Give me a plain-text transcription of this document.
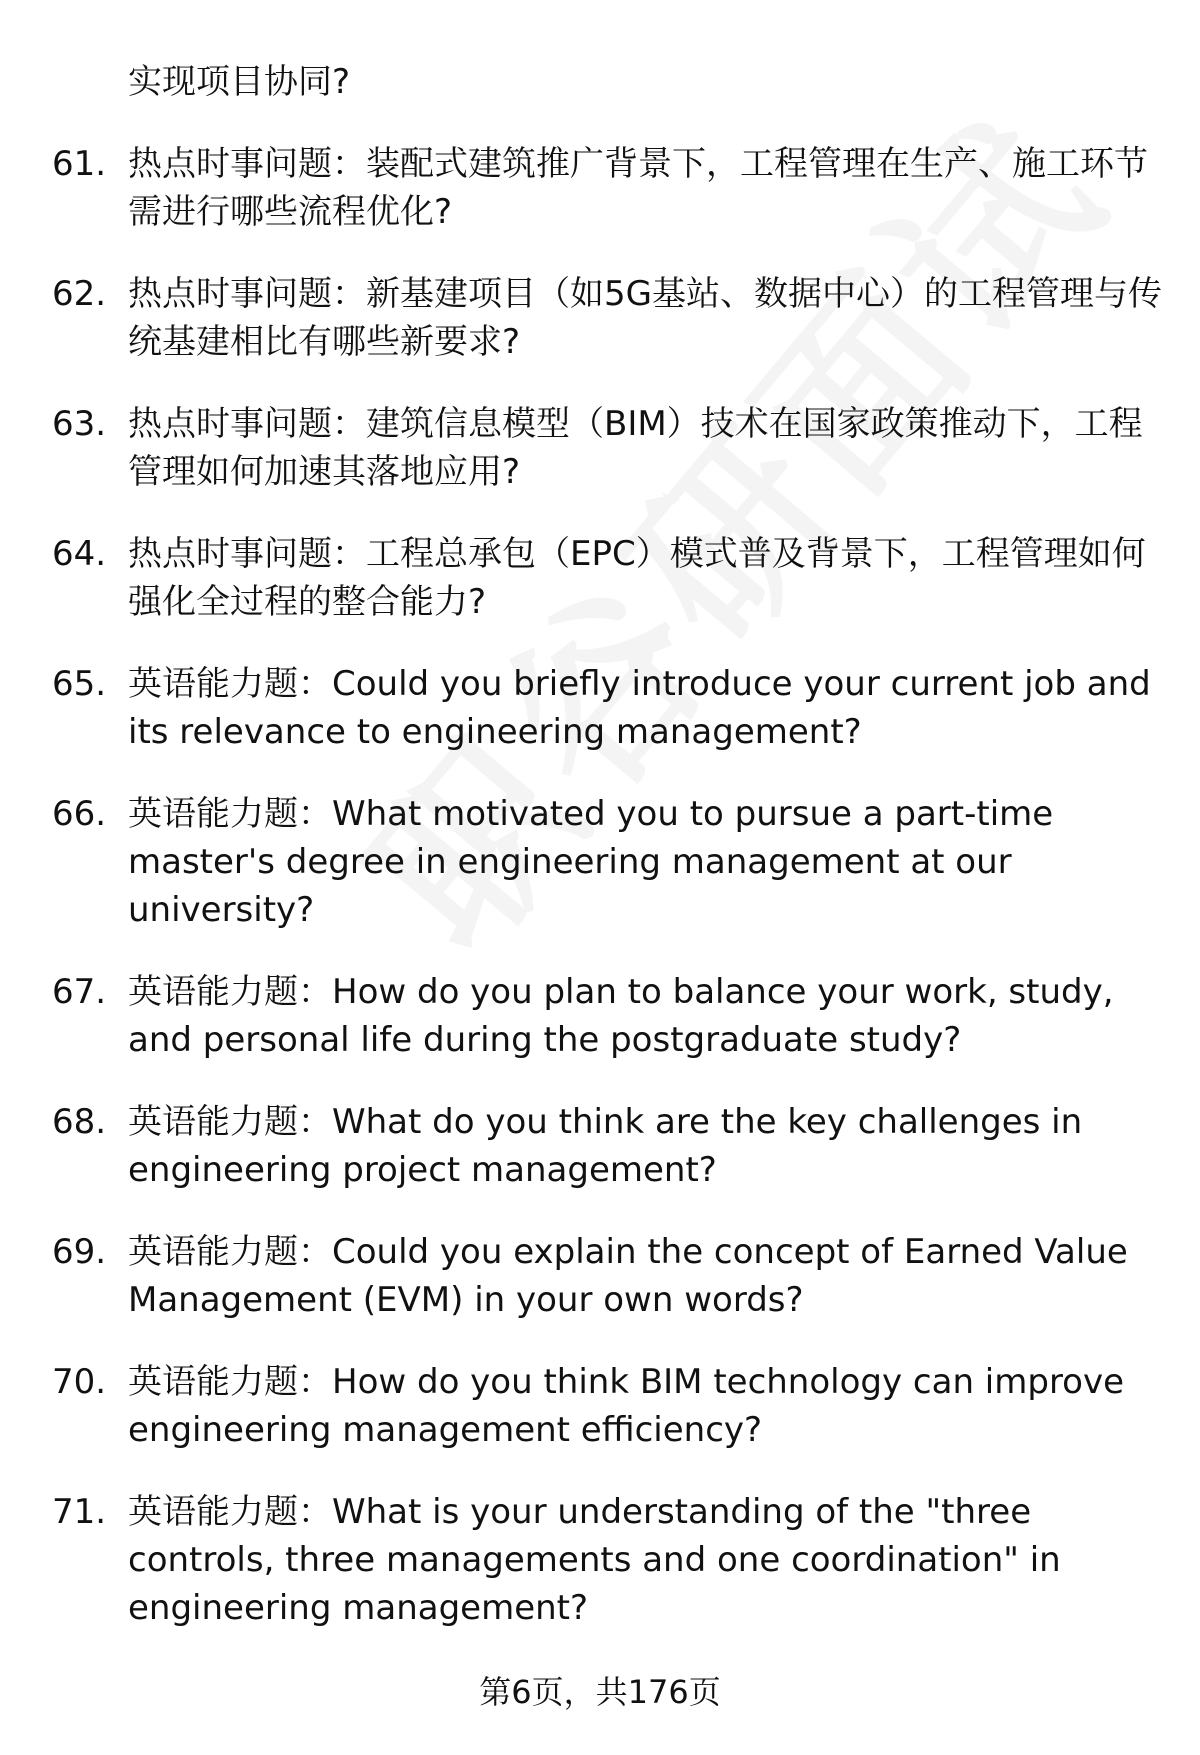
实现项目协同?
61. 热点时事问题：装配式建筑推广背景下，工程管理在生产、施工环节需进行哪些流程优化?
62. 热点时事问题：新基建项目（如5G基站、数据中心）的工程管理与传统基建相比有哪些新要求?
63. 热点时事问题：建筑信息模型（BIM）技术在国家政策推动下，工程管理如何加速其落地应用?
64. 热点时事问题：工程总承包（EPC）模式普及背景下，工程管理如何强化全过程的整合能力?
65. 英语能力题：Could you briefly introduce your current job and its relevance to engineering management?
66. 英语能力题：What motivated you to pursue a part-time master's degree in engineering management at our university?
67. 英语能力题：How do you plan to balance your work, study, and personal life during the postgraduate study?
68. 英语能力题：What do you think are the key challenges in engineering project management?
69. 英语能力题：Could you explain the concept of Earned Value Management (EVM) in your own words?
70. 英语能力题：How do you think BIM technology can improve engineering management efficiency?
71. 英语能力题：What is your understanding of the "three controls, three managements and one coordination" in engineering management?
第6页，共176页
